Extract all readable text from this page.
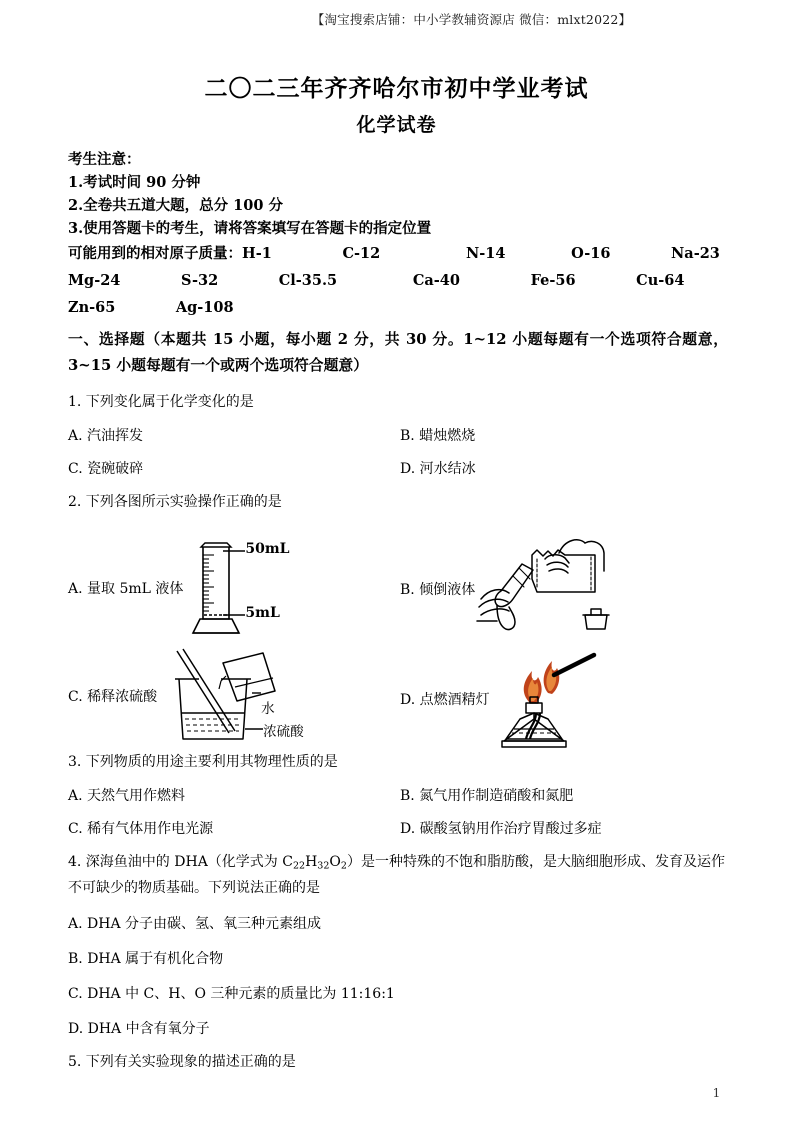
【淘宝搜索店铺：中小学教辅资源店 微信：mlxt2022】
二〇二三年齐齐哈尔市初中学业考试
化学试卷
考生注意：
1.考试时间 90 分钟
2.全卷共五道大题，总分 100 分
3.使用答题卡的考生，请将答案填写在答题卡的指定位置
可能用到的相对原子质量：H-1              C-12                 N-14             O-16            Na-23
Mg-24            S-32            Cl-35.5               Ca-40              Fe-56            Cu-64
Zn-65            Ag-108
一、选择题（本题共 15 小题，每小题 2 分，共 30 分。1~12 小题每题有一个选项符合题意，3~15 小题每题有一个或两个选项符合题意）
1. 下列变化属于化学变化的是
A. 汽油挥发	B. 蜡烛燃烧
C. 瓷碗破碎	D. 河水结冰
2. 下列各图所示实验操作正确的是
A. 量取 5mL 液体
50mL
5mL
B. 倾倒液体
C. 稀释浓硫酸
水
浓硫酸
D. 点燃酒精灯
3. 下列物质的用途主要利用其物理性质的是
A. 天然气用作燃料	B. 氮气用作制造硝酸和氮肥
C. 稀有气体用作电光源	D. 碳酸氢钠用作治疗胃酸过多症
4. 深海鱼油中的 DHA（化学式为 $C_{22}H_{32}O_2$）是一种特殊的不饱和脂肪酸，是大脑细胞形成、发育及运作不可缺少的物质基础。下列说法正确的是
A. DHA 分子由碳、氢、氧三种元素组成
B. DHA 属于有机化合物
C. DHA 中 C、H、O 三种元素的质量比为 11:16:1
D. DHA 中含有氧分子
5. 下列有关实验现象的描述正确的是
1
